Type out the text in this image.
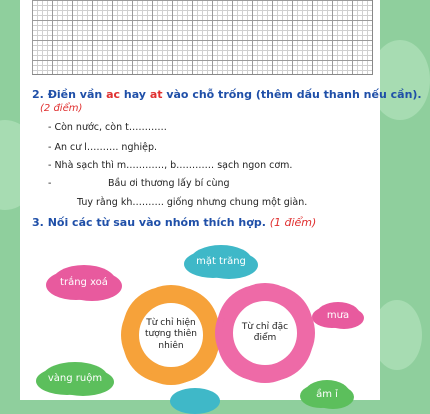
2. Điền vần ac hay at vào chỗ trống (thêm dấu thanh nếu cần).
(2 điểm)
- Còn nước, còn t…………
- An cư l………. nghiệp.
- Nhà sạch thì m…………, b………… sạch ngon cơm.
-	Bầu ơi thương lấy bí cùng
Tuy rằng kh………. giống nhưng chung một giàn.
3. Nối các từ sau vào nhóm thích hợp. (1 điểm)
mặt trăng
trắng xoá
mưa
vàng ruộm
ầm ỉ
Từ chỉ hiện tượng thiên nhiên
Từ chỉ đặc điểm
